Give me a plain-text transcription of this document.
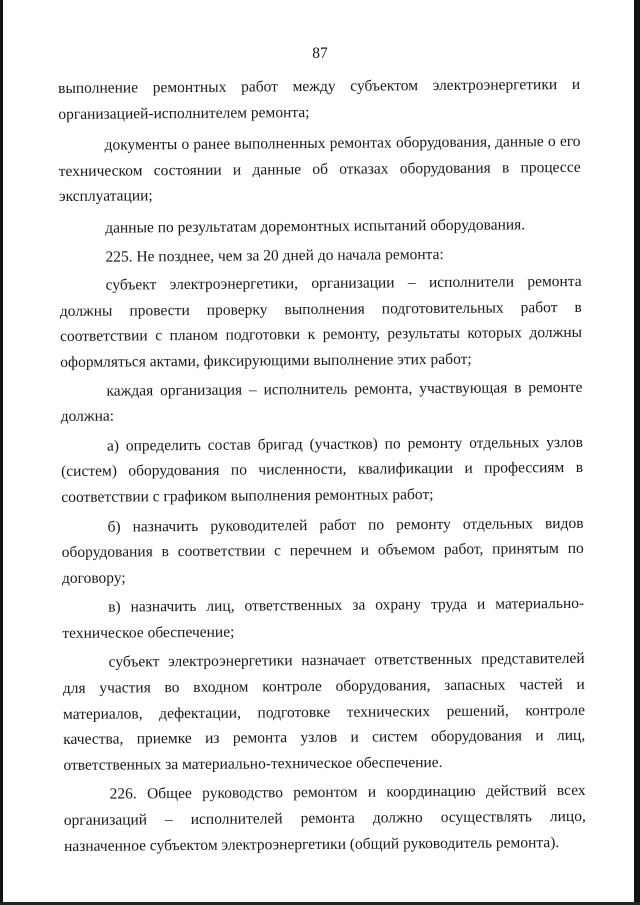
87

выполнение ремонтных работ между субъектом электроэнергетики и организацией-исполнителем ремонта;

документы о ранее выполненных ремонтах оборудования, данные о его техническом состоянии и данные об отказах оборудования в процессе эксплуатации;

данные по результатам доремонтных испытаний оборудования.

225. Не позднее, чем за 20 дней до начала ремонта:

субъект электроэнергетики, организации – исполнители ремонта должны провести проверку выполнения подготовительных работ в соответствии с планом подготовки к ремонту, результаты которых должны оформляться актами, фиксирующими выполнение этих работ;

каждая организация – исполнитель ремонта, участвующая в ремонте должна:

а) определить состав бригад (участков) по ремонту отдельных узлов (систем) оборудования по численности, квалификации и профессиям в соответствии с графиком выполнения ремонтных работ;

б) назначить руководителей работ по ремонту отдельных видов оборудования в соответствии с перечнем и объемом работ, принятым по договору;

в) назначить лиц, ответственных за охрану труда и материально-техническое обеспечение;

субъект электроэнергетики назначает ответственных представителей для участия во входном контроле оборудования, запасных частей и материалов, дефектации, подготовке технических решений, контроле качества, приемке из ремонта узлов и систем оборудования и лиц, ответственных за материально-техническое обеспечение.

226. Общее руководство ремонтом и координацию действий всех организаций – исполнителей ремонта должно осуществлять лицо, назначенное субъектом электроэнергетики (общий руководитель ремонта).
